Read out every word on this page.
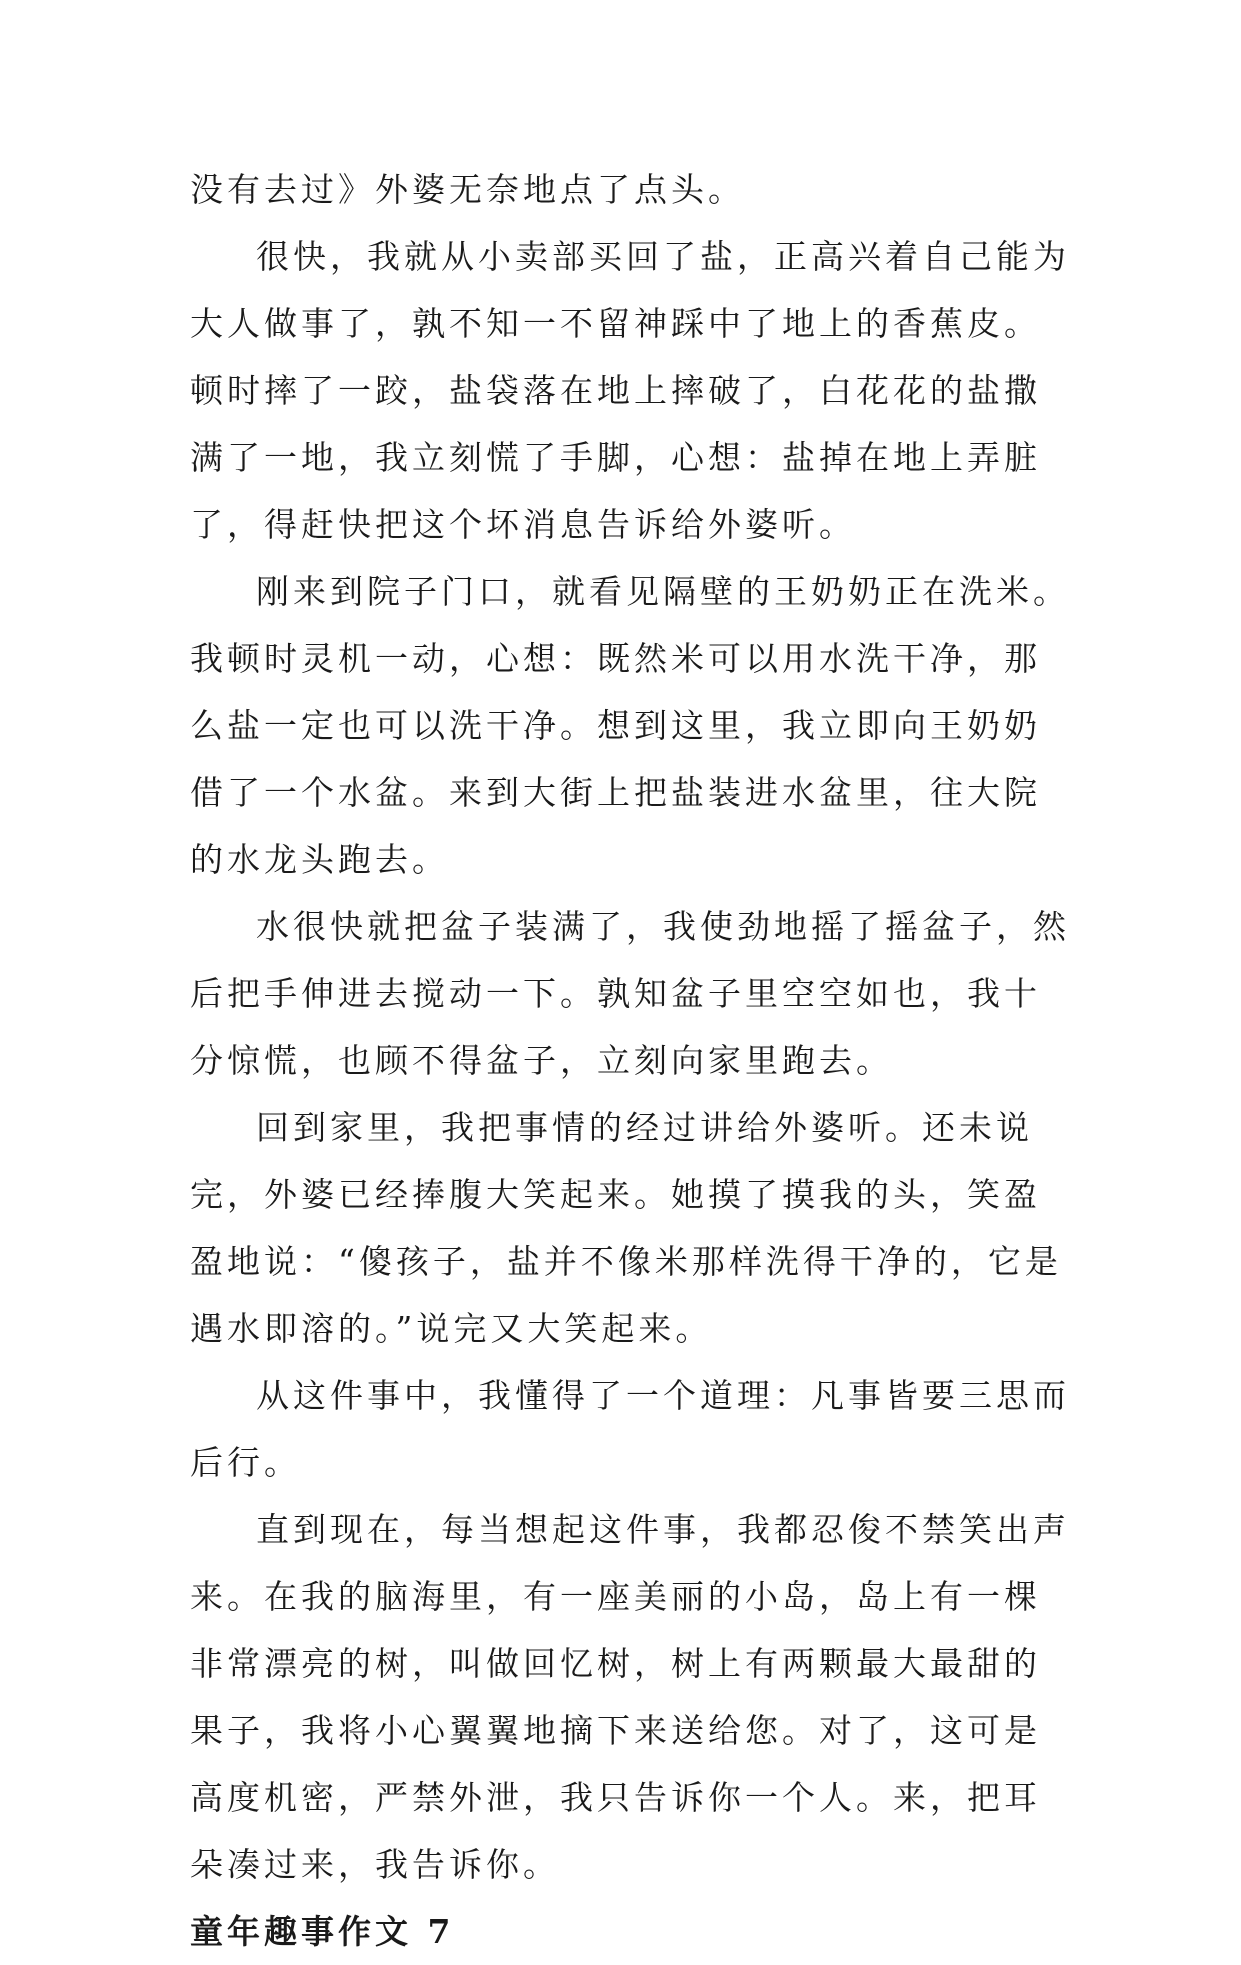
没有去过》外婆无奈地点了点头。

很快，我就从小卖部买回了盐，正高兴着自己能为大人做事了，孰不知一不留神踩中了地上的香蕉皮。顿时摔了一跤，盐袋落在地上摔破了，白花花的盐撒满了一地，我立刻慌了手脚，心想：盐掉在地上弄脏了，得赶快把这个坏消息告诉给外婆听。

刚来到院子门口，就看见隔壁的王奶奶正在洗米。我顿时灵机一动，心想：既然米可以用水洗干净，那么盐一定也可以洗干净。想到这里，我立即向王奶奶借了一个水盆。来到大街上把盐装进水盆里，往大院的水龙头跑去。

水很快就把盆子装满了，我使劲地摇了摇盆子，然后把手伸进去搅动一下。孰知盆子里空空如也，我十分惊慌，也顾不得盆子，立刻向家里跑去。

回到家里，我把事情的经过讲给外婆听。还未说完，外婆已经捧腹大笑起来。她摸了摸我的头，笑盈盈地说：“傻孩子，盐并不像米那样洗得干净的，它是遇水即溶的。”说完又大笑起来。

从这件事中，我懂得了一个道理：凡事皆要三思而后行。

直到现在，每当想起这件事，我都忍俊不禁笑出声来。在我的脑海里，有一座美丽的小岛，岛上有一棵非常漂亮的树，叫做回忆树，树上有两颗最大最甜的果子，我将小心翼翼地摘下来送给您。对了，这可是高度机密，严禁外泄，我只告诉你一个人。来，把耳朵凑过来，我告诉你。

童年趣事作文 7
